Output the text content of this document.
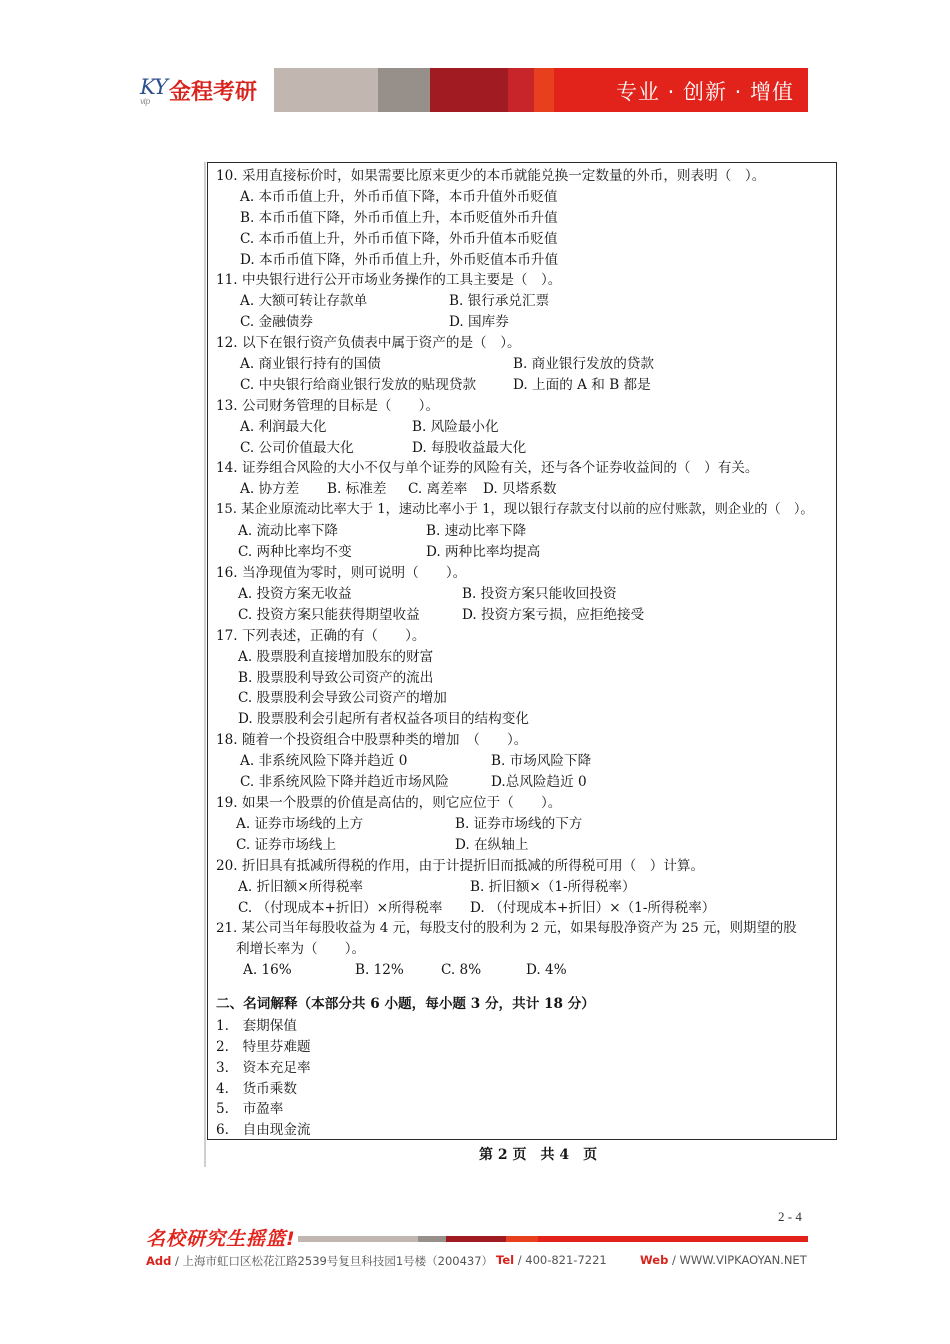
KY
vip 金程考研	专业 · 创新 · 增值
10. 采用直接标价时，如果需要比原来更少的本币就能兑换一定数量的外币，则表明（　）。
A. 本币币值上升，外币币值下降，本币升值外币贬值
B. 本币币值下降，外币币值上升，本币贬值外币升值
C. 本币币值上升，外币币值下降，外币升值本币贬值
D. 本币币值下降，外币币值上升，外币贬值本币升值
11. 中央银行进行公开市场业务操作的工具主要是（　）。
A. 大额可转让存款单	B. 银行承兑汇票
C. 金融债券	D. 国库券
12. 以下在银行资产负债表中属于资产的是（　）。
A. 商业银行持有的国债	B. 商业银行发放的贷款
C. 中央银行给商业银行发放的贴现贷款	D. 上面的 A 和 B 都是
13. 公司财务管理的目标是（　　）。
A. 利润最大化	B. 风险最小化
C. 公司价值最大化	D. 每股收益最大化
14. 证券组合风险的大小不仅与单个证券的风险有关，还与各个证券收益间的（　）有关。
A. 协方差 B. 标准差 C. 离差率 D. 贝塔系数
15. 某企业原流动比率大于 1，速动比率小于 1，现以银行存款支付以前的应付账款，则企业的（　）。
A. 流动比率下降	B. 速动比率下降
C. 两种比率均不变	D. 两种比率均提高
16. 当净现值为零时，则可说明（　　）。
A. 投资方案无收益	B. 投资方案只能收回投资
C. 投资方案只能获得期望收益	D. 投资方案亏损，应拒绝接受
17. 下列表述，正确的有（　　）。
A. 股票股利直接增加股东的财富
B. 股票股利导致公司资产的流出
C. 股票股利会导致公司资产的增加
D. 股票股利会引起所有者权益各项目的结构变化
18. 随着一个投资组合中股票种类的增加　（　　）。
A. 非系统风险下降并趋近 0	B. 市场风险下降
C. 非系统风险下降并趋近市场风险	D.总风险趋近 0
19. 如果一个股票的价值是高估的，则它应位于（　　）。
A. 证券市场线的上方	B. 证券市场线的下方
C. 证券市场线上	D. 在纵轴上
20. 折旧具有抵减所得税的作用，由于计提折旧而抵减的所得税可用（　）计算。
A. 折旧额×所得税率	B. 折旧额×（1-所得税率）
C. （付现成本+折旧）×所得税率 D. （付现成本+折旧）×（1-所得税率）
21. 某公司当年每股收益为 4 元，每股支付的股利为 2 元，如果每股净资产为 25 元，则期望的股
利增长率为（　　）。
A. 16%	B. 12%	C. 8%	D. 4%
二、名词解释（本部分共 6 小题，每小题 3 分，共计 18 分）
1.　套期保值
2.　特里芬难题
3.　资本充足率
4.　货币乘数
5.　市盈率
6.　自由现金流
第 2 页　共 4　页
2 - 4
名校研究生摇篮!
Add / 上海市虹口区松花江路2539号复旦科技园1号楼（200437） Tel / 400-821-7221	Web / WWW.VIPKAOYAN.NET
